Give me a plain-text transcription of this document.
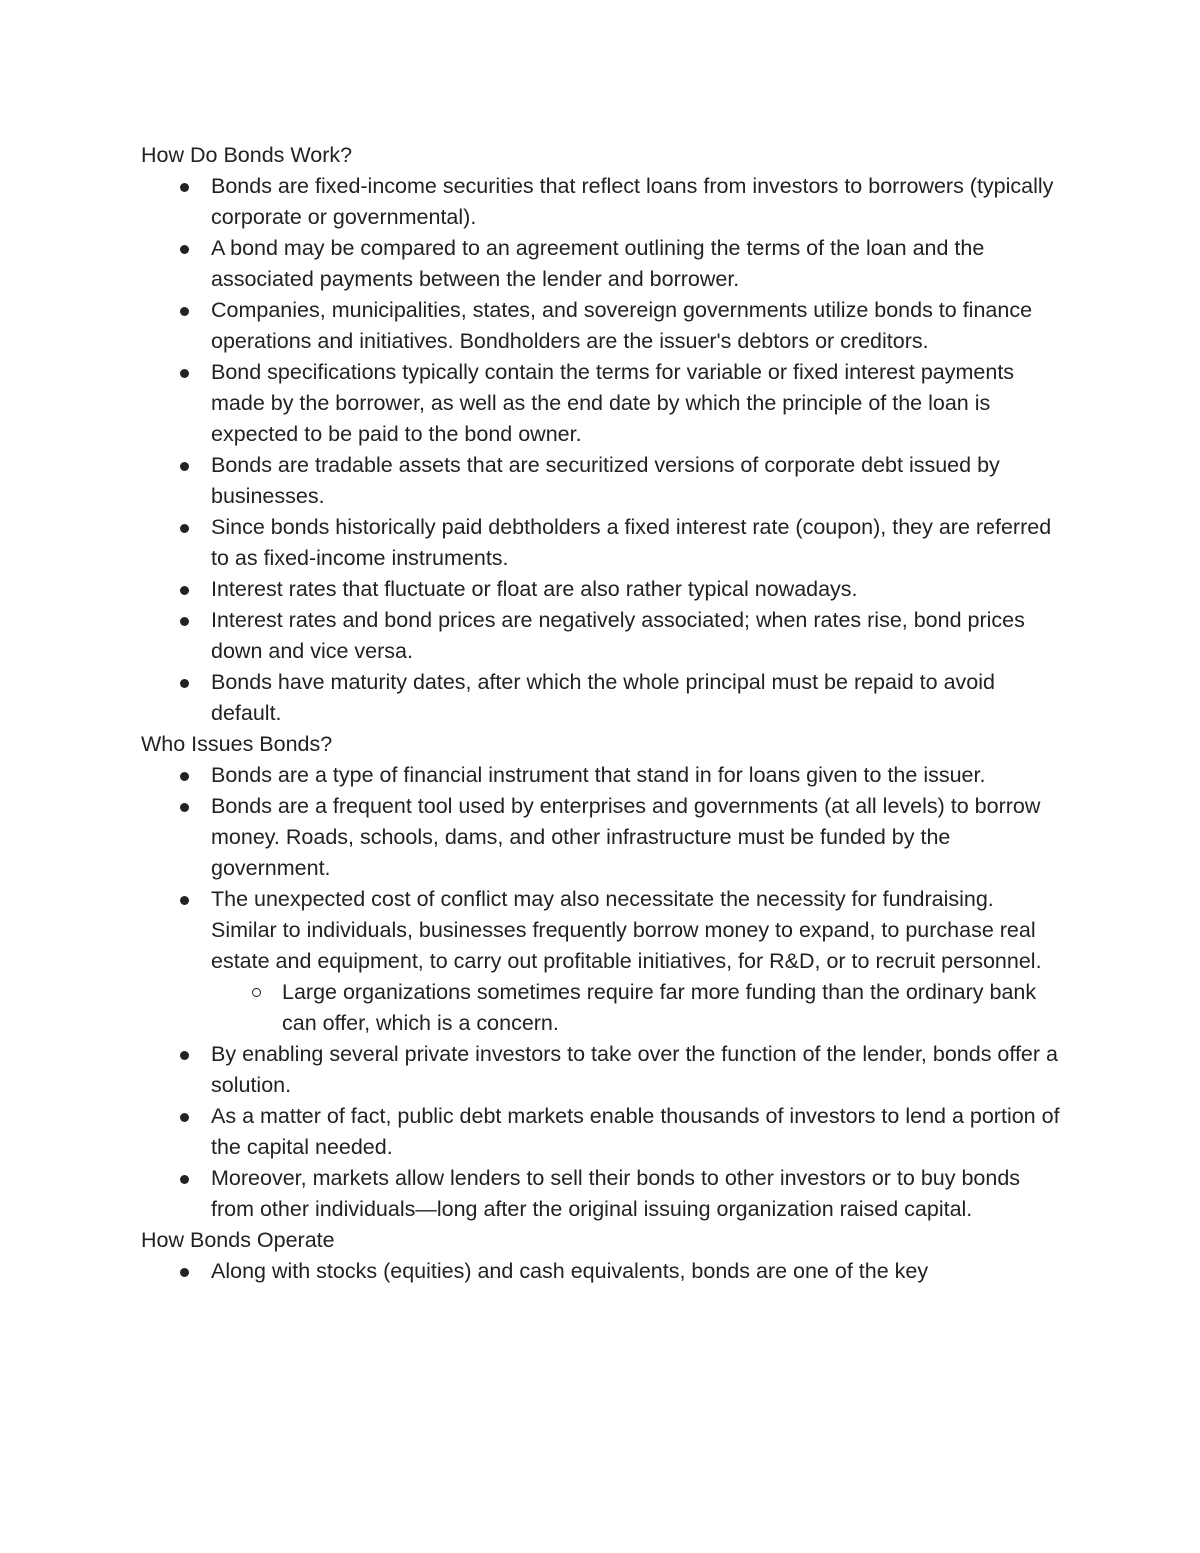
How Do Bonds Work?
Bonds are fixed-income securities that reflect loans from investors to borrowers (typically corporate or governmental).
A bond may be compared to an agreement outlining the terms of the loan and the associated payments between the lender and borrower.
Companies, municipalities, states, and sovereign governments utilize bonds to finance operations and initiatives. Bondholders are the issuer's debtors or creditors.
Bond specifications typically contain the terms for variable or fixed interest payments made by the borrower, as well as the end date by which the principle of the loan is expected to be paid to the bond owner.
Bonds are tradable assets that are securitized versions of corporate debt issued by businesses.
Since bonds historically paid debtholders a fixed interest rate (coupon), they are referred to as fixed-income instruments.
Interest rates that fluctuate or float are also rather typical nowadays.
Interest rates and bond prices are negatively associated; when rates rise, bond prices down and vice versa.
Bonds have maturity dates, after which the whole principal must be repaid to avoid default.
Who Issues Bonds?
Bonds are a type of financial instrument that stand in for loans given to the issuer.
Bonds are a frequent tool used by enterprises and governments (at all levels) to borrow money. Roads, schools, dams, and other infrastructure must be funded by the government.
The unexpected cost of conflict may also necessitate the necessity for fundraising. Similar to individuals, businesses frequently borrow money to expand, to purchase real estate and equipment, to carry out profitable initiatives, for R&D, or to recruit personnel.
Large organizations sometimes require far more funding than the ordinary bank can offer, which is a concern.
By enabling several private investors to take over the function of the lender, bonds offer a solution.
As a matter of fact, public debt markets enable thousands of investors to lend a portion of the capital needed.
Moreover, markets allow lenders to sell their bonds to other investors or to buy bonds from other individuals—long after the original issuing organization raised capital.
How Bonds Operate
Along with stocks (equities) and cash equivalents, bonds are one of the key
